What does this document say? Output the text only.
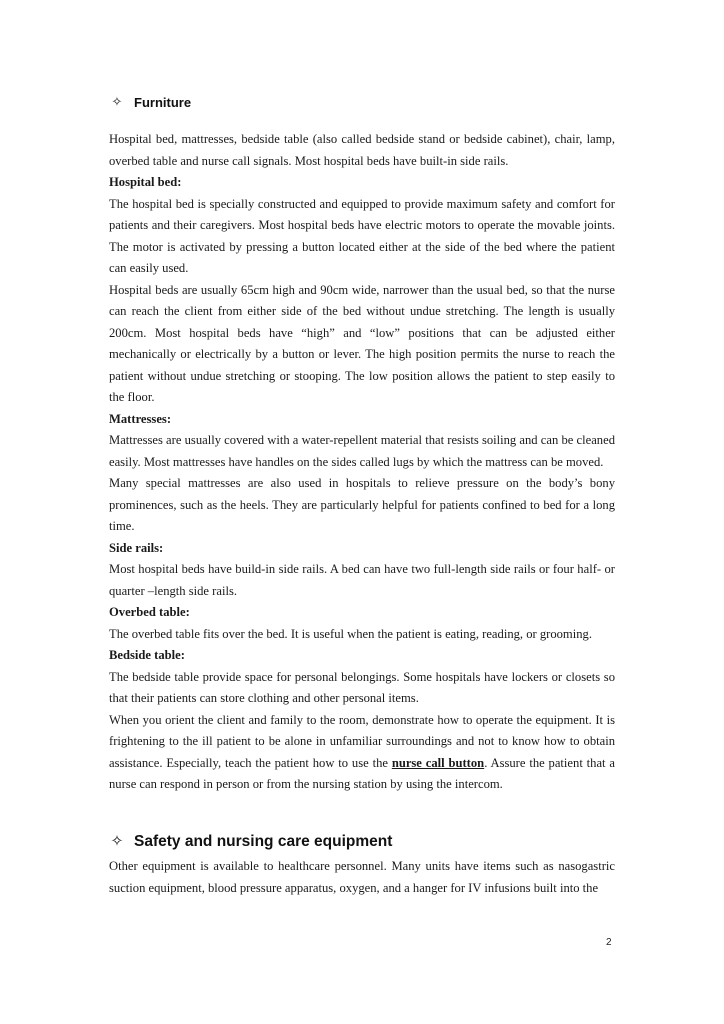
✧ Furniture

Hospital bed, mattresses, bedside table (also called bedside stand or bedside cabinet), chair, lamp, overbed table and nurse call signals. Most hospital beds have built-in side rails.

Hospital bed:

The hospital bed is specially constructed and equipped to provide maximum safety and comfort for patients and their caregivers. Most hospital beds have electric motors to operate the movable joints. The motor is activated by pressing a button located either at the side of the bed where the patient can easily used.

Hospital beds are usually 65cm high and 90cm wide, narrower than the usual bed, so that the nurse can reach the client from either side of the bed without undue stretching. The length is usually 200cm. Most hospital beds have “high” and “low” positions that can be adjusted either mechanically or electrically by a button or lever. The high position permits the nurse to reach the patient without undue stretching or stooping. The low position allows the patient to step easily to the floor.

Mattresses:

Mattresses are usually covered with a water-repellent material that resists soiling and can be cleaned easily. Most mattresses have handles on the sides called lugs by which the mattress can be moved.

Many special mattresses are also used in hospitals to relieve pressure on the body’s bony prominences, such as the heels. They are particularly helpful for patients confined to bed for a long time.

Side rails:

Most hospital beds have build-in side rails. A bed can have two full-length side rails or four half- or quarter –length side rails.

Overbed table:

The overbed table fits over the bed. It is useful when the patient is eating, reading, or grooming.

Bedside table:

The bedside table provide space for personal belongings. Some hospitals have lockers or closets so that their patients can store clothing and other personal items.

When you orient the client and family to the room, demonstrate how to operate the equipment. It is frightening to the ill patient to be alone in unfamiliar surroundings and not to know how to obtain assistance. Especially, teach the patient how to use the nurse call button. Assure the patient that a nurse can respond in person or from the nursing station by using the intercom.

✧ Safety and nursing care equipment

Other equipment is available to healthcare personnel. Many units have items such as nasogastric suction equipment, blood pressure apparatus, oxygen, and a hanger for IV infusions built into the

2
